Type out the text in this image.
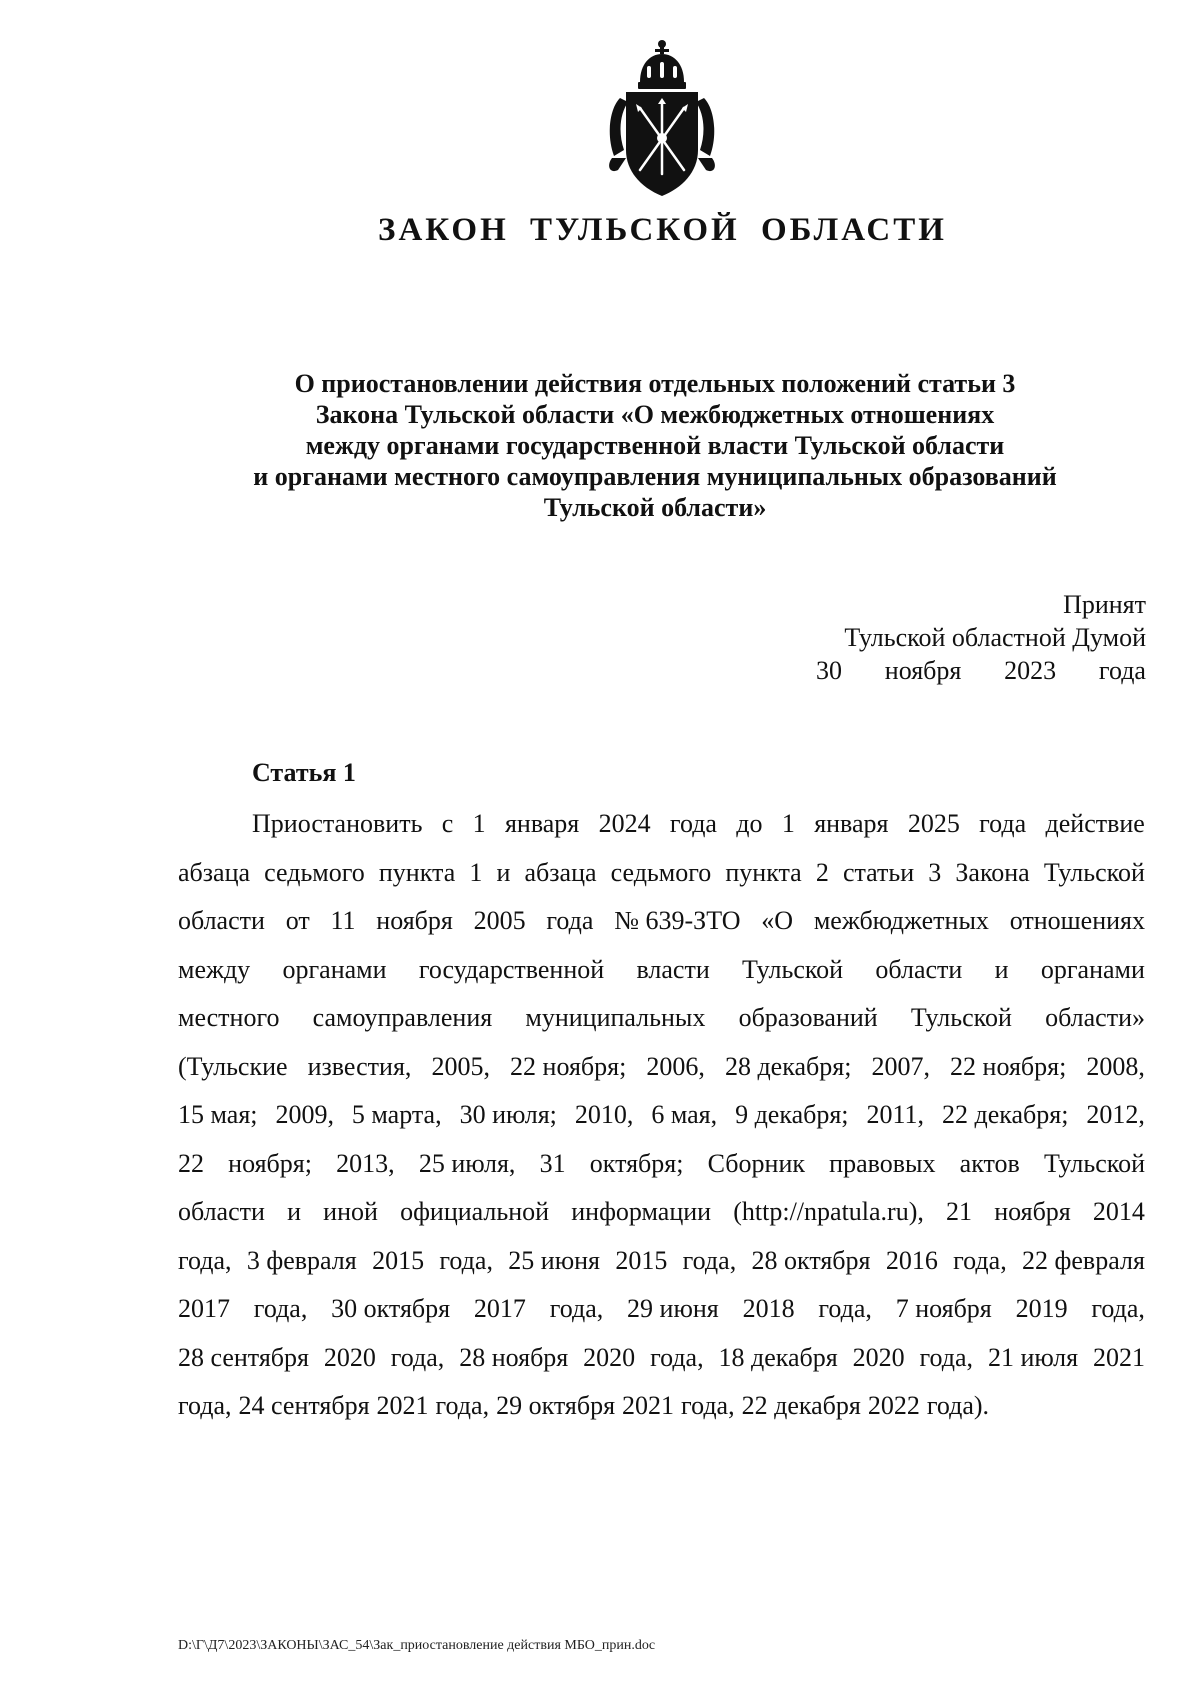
ЗАКОН ТУЛЬСКОЙ ОБЛАСТИ
О приостановлении действия отдельных положений статьи 3
Закона Тульской области «О межбюджетных отношениях
между органами государственной власти Тульской области
и органами местного самоуправления муниципальных образований
Тульской области»
Принят
Тульской областной Думой
30 ноября 2023 года
Статья 1
Приостановить с 1 января 2024 года до 1 января 2025 года действие
абзаца седьмого пункта 1 и абзаца седьмого пункта 2 статьи 3 Закона Тульской
области от 11 ноября 2005 года № 639-ЗТО «О межбюджетных отношениях
между органами государственной власти Тульской области и органами
местного самоуправления муниципальных образований Тульской области»
(Тульские известия, 2005, 22 ноября; 2006, 28 декабря; 2007, 22 ноября; 2008,
15 мая; 2009, 5 марта, 30 июля; 2010, 6 мая, 9 декабря; 2011, 22 декабря; 2012,
22 ноября; 2013, 25 июля, 31 октября; Сборник правовых актов Тульской
области и иной официальной информации (http://npatula.ru), 21 ноября 2014
года, 3 февраля 2015 года, 25 июня 2015 года, 28 октября 2016 года, 22 февраля
2017 года, 30 октября 2017 года, 29 июня 2018 года, 7 ноября 2019 года,
28 сентября 2020 года, 28 ноября 2020 года, 18 декабря 2020 года, 21 июля 2021
года, 24 сентября 2021 года, 29 октября 2021 года, 22 декабря 2022 года).
D:\Г\Д7\2023\ЗАКОНЫ\ЗАС_54\Зак_приостановление действия МБО_прин.doc
